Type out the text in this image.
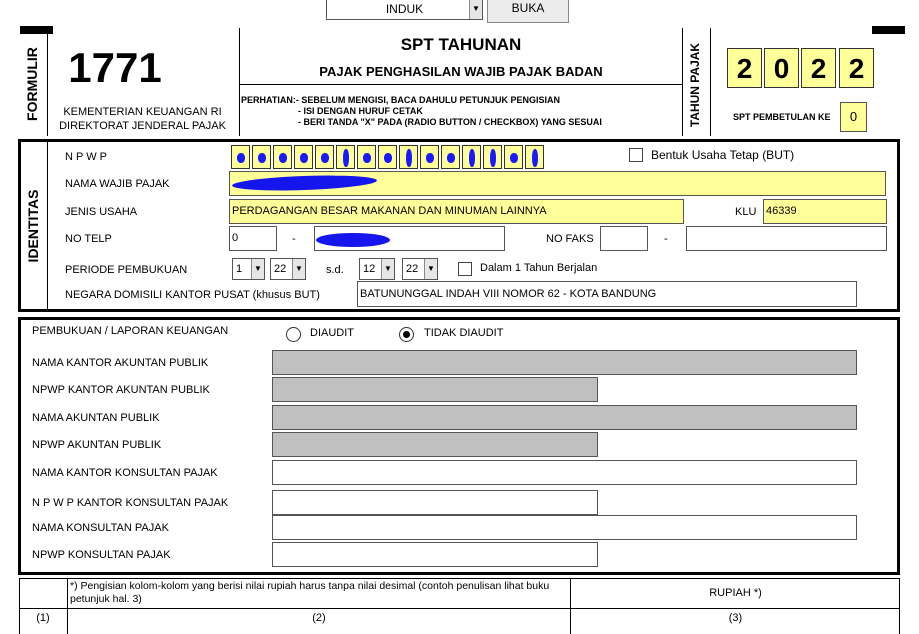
INDUK	▼	BUKA
FORMULIR 1771
KEMENTERIAN KEUANGAN RI
DIREKTORAT JENDERAL PAJAK
SPT TAHUNAN
PAJAK PENGHASILAN WAJIB PAJAK BADAN
PERHATIAN:- SEBELUM MENGISI, BACA DAHULU PETUNJUK PENGISIAN
- ISI DENGAN HURUF CETAK
- BERI TANDA "X" PADA (RADIO BUTTON / CHECKBOX) YANG SESUAI	TAHUN PAJAK	2 0 2 2
SPT PEMBETULAN KE	0
IDENTITAS
N P W P	Bentuk Usaha Tetap (BUT)
NAMA WAJIB PAJAK
JENIS USAHA	PERDAGANGAN BESAR MAKANAN DAN MINUMAN LAINNYA	KLU 46339
NO TELP	0	-	NO FAKS	-
PERIODE PEMBUKUAN	1	▼	22	▼ s.d.	12	▼	22	▼	Dalam 1 Tahun Berjalan
NEGARA DOMISILI KANTOR PUSAT (khusus BUT)	BATUNUNGGAL INDAH VIII NOMOR 62 - KOTA BANDUNG
PEMBUKUAN / LAPORAN KEUANGAN	DIAUDIT	TIDAK DIAUDIT
NAMA KANTOR AKUNTAN PUBLIK
NPWP KANTOR AKUNTAN PUBLIK
NAMA AKUNTAN PUBLIK
NPWP AKUNTAN PUBLIK
NAMA KANTOR KONSULTAN PAJAK
N P W P KANTOR KONSULTAN PAJAK
NAMA KONSULTAN PAJAK
NPWP KONSULTAN PAJAK
*) Pengisian kolom-kolom yang berisi nilai rupiah harus tanpa nilai desimal (contoh penulisan lihat buku petunjuk hal. 3)	RUPIAH *)
(1)	(2)	(3)
